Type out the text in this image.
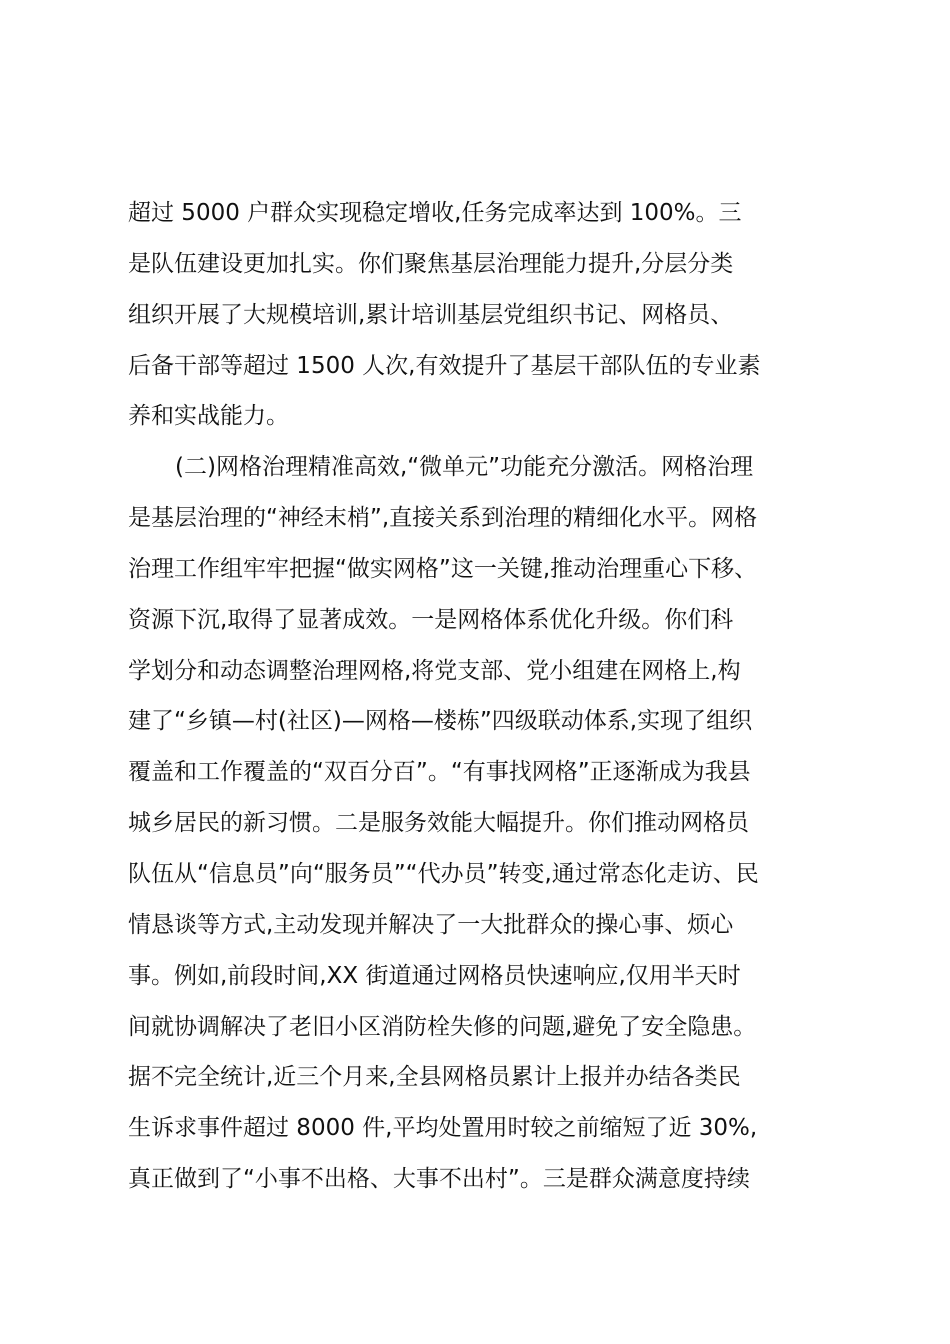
超过 5000 户群众实现稳定增收,任务完成率达到 100%。三
是队伍建设更加扎实。你们聚焦基层治理能力提升,分层分类
组织开展了大规模培训,累计培训基层党组织书记、网格员、
后备干部等超过 1500 人次,有效提升了基层干部队伍的专业素
养和实战能力。
(二)网格治理精准高效,“微单元”功能充分激活。网格治理
是基层治理的“神经末梢”,直接关系到治理的精细化水平。网格
治理工作组牢牢把握“做实网格”这一关键,推动治理重心下移、
资源下沉,取得了显著成效。一是网格体系优化升级。你们科
学划分和动态调整治理网格,将党支部、党小组建在网格上,构
建了“乡镇—村(社区)—网格—楼栋”四级联动体系,实现了组织
覆盖和工作覆盖的“双百分百”。“有事找网格”正逐渐成为我县
城乡居民的新习惯。二是服务效能大幅提升。你们推动网格员
队伍从“信息员”向“服务员”“代办员”转变,通过常态化走访、民
情恳谈等方式,主动发现并解决了一大批群众的操心事、烦心
事。例如,前段时间,XX 街道通过网格员快速响应,仅用半天时
间就协调解决了老旧小区消防栓失修的问题,避免了安全隐患。
据不完全统计,近三个月来,全县网格员累计上报并办结各类民
生诉求事件超过 8000 件,平均处置用时较之前缩短了近 30%,
真正做到了“小事不出格、大事不出村”。三是群众满意度持续
